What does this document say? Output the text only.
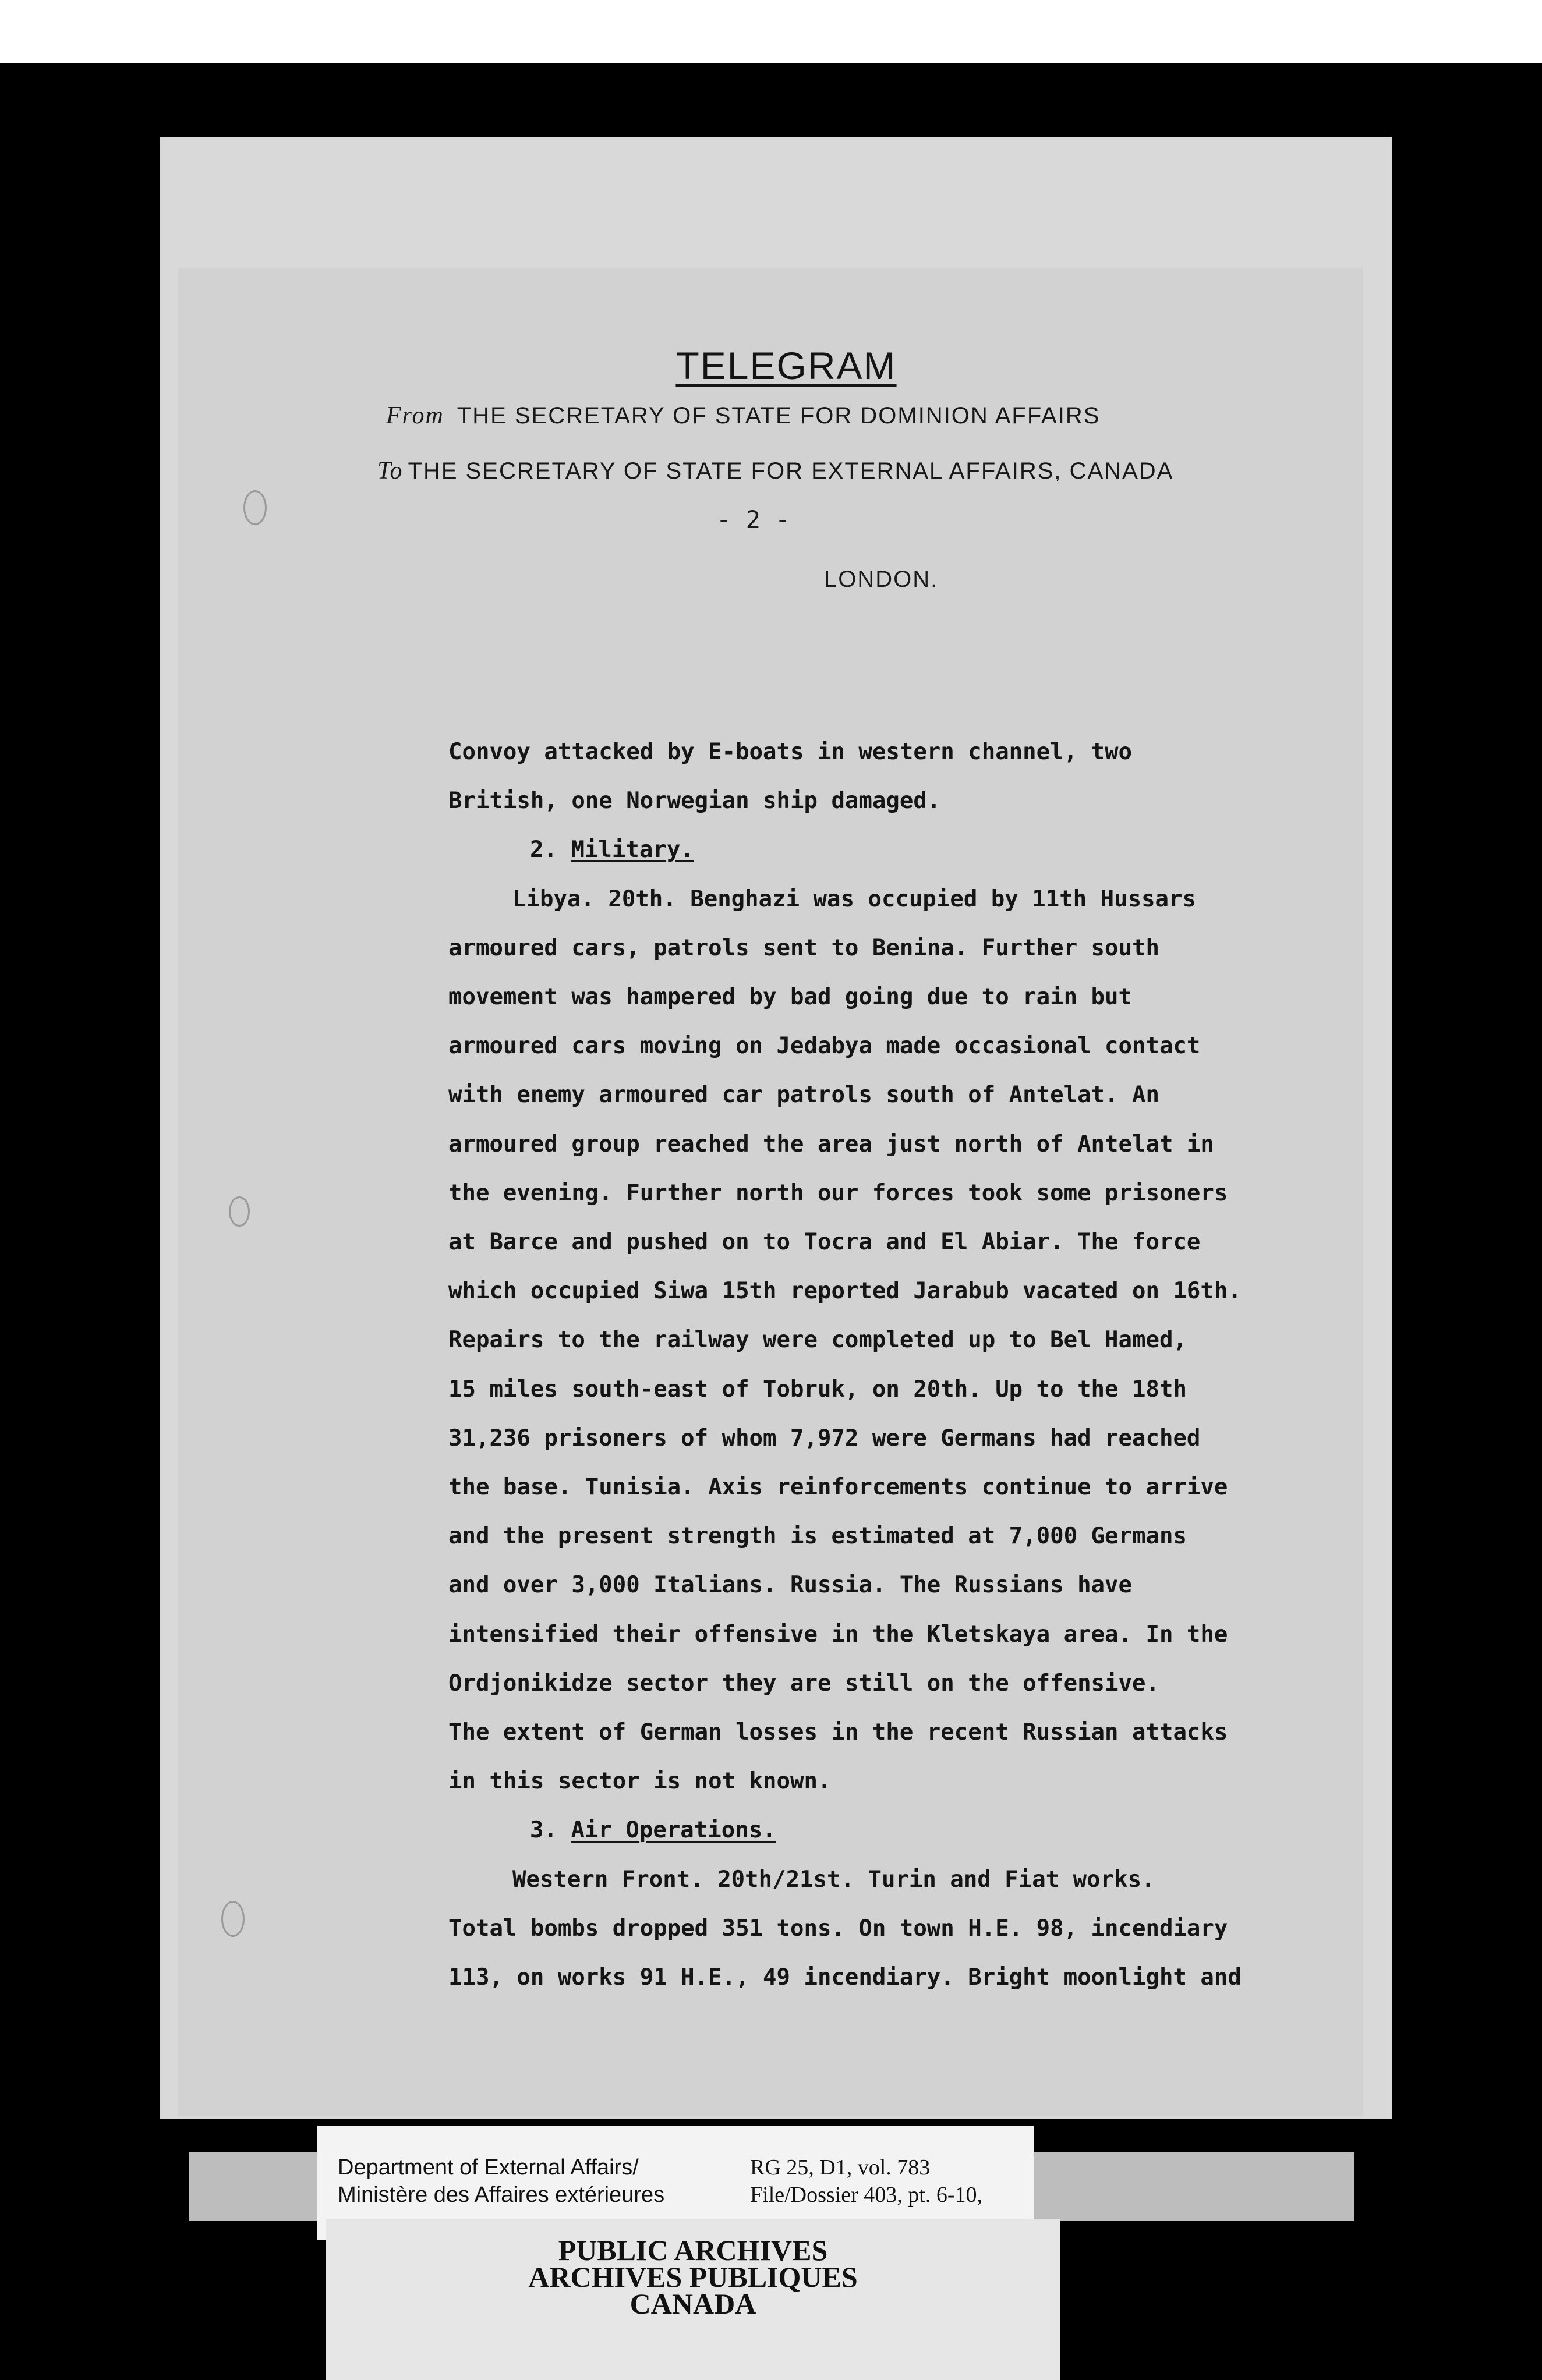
TELEGRAM
From THE SECRETARY OF STATE FOR DOMINION AFFAIRS
To THE SECRETARY OF STATE FOR EXTERNAL AFFAIRS, CANADA
- 2 -
LONDON.
Convoy attacked by E-boats in western channel, two
British, one Norwegian ship damaged.
2. Military.
Libya. 20th. Benghazi was occupied by 11th Hussars
armoured cars, patrols sent to Benina. Further south
movement was hampered by bad going due to rain but
armoured cars moving on Jedabya made occasional contact
with enemy armoured car patrols south of Antelat. An
armoured group reached the area just north of Antelat in
the evening. Further north our forces took some prisoners
at Barce and pushed on to Tocra and El Abiar. The force
which occupied Siwa 15th reported Jarabub vacated on 16th.
Repairs to the railway were completed up to Bel Hamed,
15 miles south-east of Tobruk, on 20th. Up to the 18th
31,236 prisoners of whom 7,972 were Germans had reached
the base. Tunisia. Axis reinforcements continue to arrive
and the present strength is estimated at 7,000 Germans
and over 3,000 Italians. Russia. The Russians have
intensified their offensive in the Kletskaya area. In the
Ordjonikidze sector they are still on the offensive.
The extent of German losses in the recent Russian attacks
in this sector is not known.
3. Air Operations.
Western Front. 20th/21st. Turin and Fiat works.
Total bombs dropped 351 tons. On town H.E. 98, incendiary
113, on works 91 H.E., 49 incendiary. Bright moonlight and
Department of External Affairs/
Ministère des Affaires extérieures
RG 25, D1, vol. 783
File/Dossier 403, pt. 6-10,
PUBLIC ARCHIVES
ARCHIVES PUBLIQUES
CANADA
